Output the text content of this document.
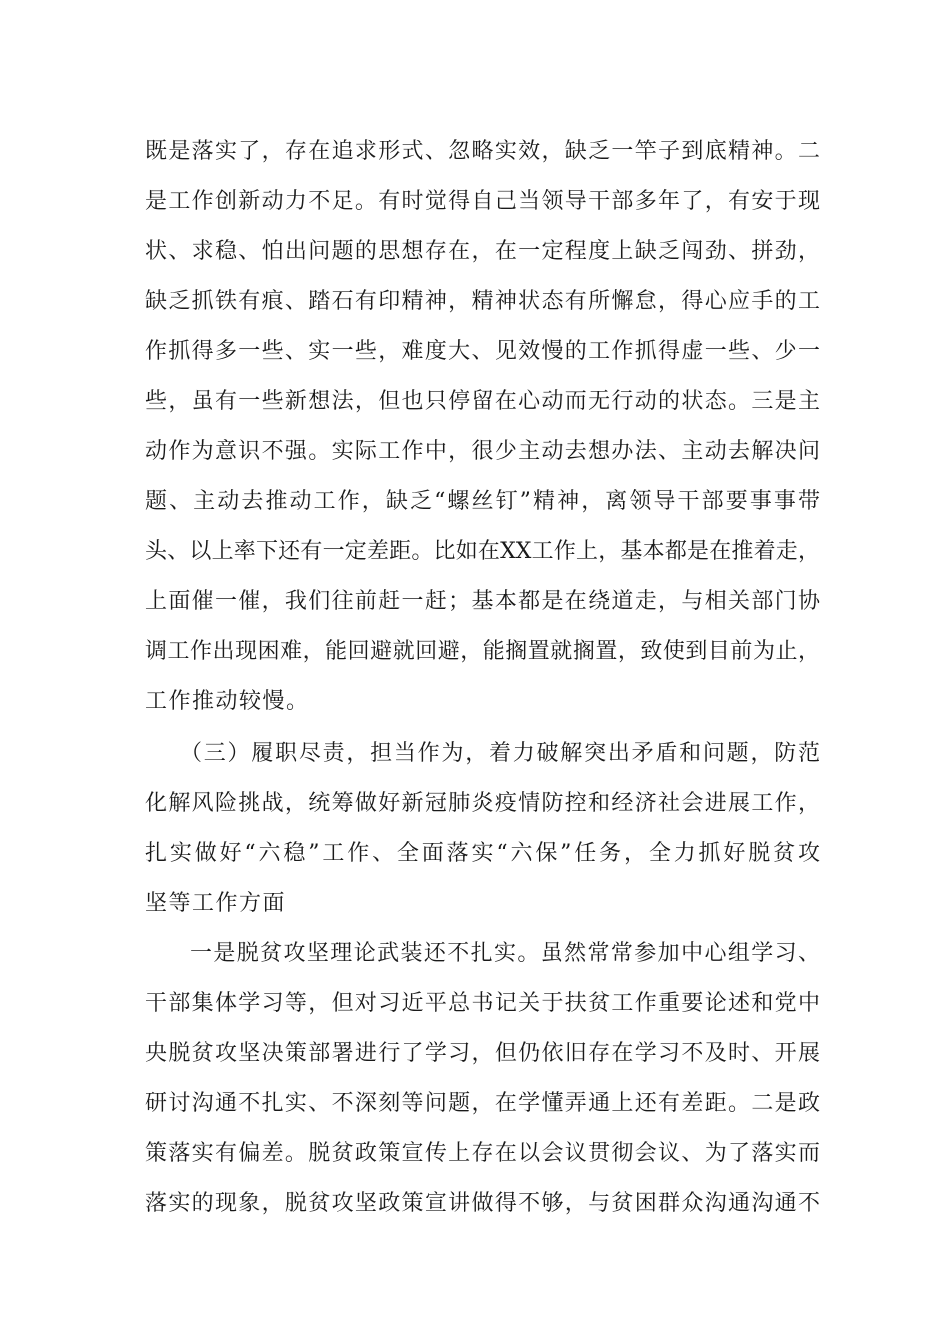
既是落实了，存在追求形式、忽略实效，缺乏一竿子到底精神。二
是工作创新动力不足。有时觉得自己当领导干部多年了，有安于现
状、求稳、怕出问题的思想存在，在一定程度上缺乏闯劲、拼劲，
缺乏抓铁有痕、踏石有印精神，精神状态有所懈怠，得心应手的工
作抓得多一些、实一些，难度大、见效慢的工作抓得虚一些、少一
些，虽有一些新想法，但也只停留在心动而无行动的状态。三是主
动作为意识不强。实际工作中，很少主动去想办法、主动去解决问
题、主动去推动工作，缺乏“螺丝钉”精神，离领导干部要事事带
头、以上率下还有一定差距。比如在XX工作上，基本都是在推着走，
上面催一催，我们往前赶一赶；基本都是在绕道走，与相关部门协
调工作出现困难，能回避就回避，能搁置就搁置，致使到目前为止，
工作推动较慢。
（三）履职尽责，担当作为，着力破解突出矛盾和问题，防范
化解风险挑战，统筹做好新冠肺炎疫情防控和经济社会进展工作，
扎实做好“六稳”工作、全面落实“六保”任务，全力抓好脱贫攻
坚等工作方面
一是脱贫攻坚理论武装还不扎实。虽然常常参加中心组学习、
干部集体学习等，但对习近平总书记关于扶贫工作重要论述和党中
央脱贫攻坚决策部署进行了学习，但仍依旧存在学习不及时、开展
研讨沟通不扎实、不深刻等问题，在学懂弄通上还有差距。二是政
策落实有偏差。脱贫政策宣传上存在以会议贯彻会议、为了落实而
落实的现象，脱贫攻坚政策宣讲做得不够，与贫困群众沟通沟通不
